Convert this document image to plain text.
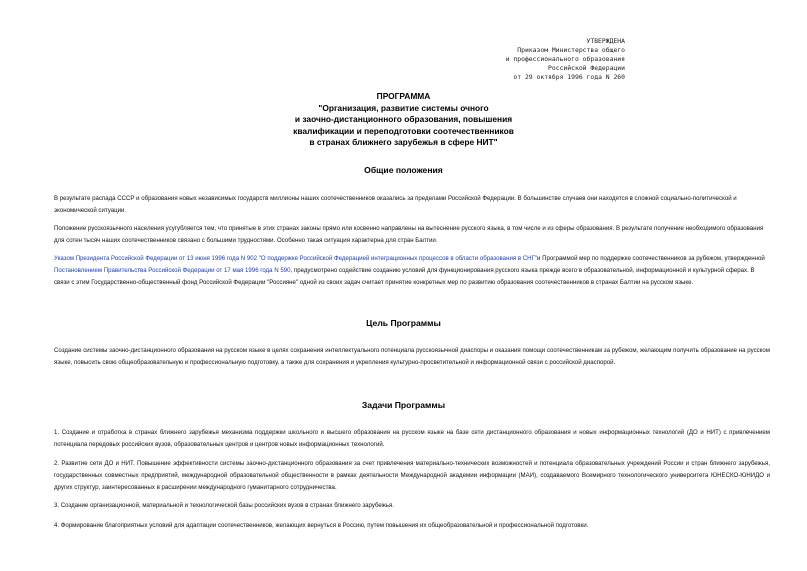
УТВЕРЖДЕНА
Приказом Министерства общего
и профессионального образования
Российской Федерации
от 29 октября 1996 года N 260
ПРОГРАММА
"Организация, развитие системы очного
и заочно-дистанционного образования, повышения
квалификации и переподготовки соотечественников
в странах ближнего зарубежья в сфере НИТ"
Общие положения
В результате распада СССР и образования новых независимых государств миллионы наших соотечественников оказались за пределами Российской Федерации. В большинстве случаев они находятся в сложной социально-политической и экономической ситуации.
Положение русскоязычного населения усугубляется тем, что принятые в этих странах законы прямо или косвенно направлены на вытеснение русского языка, в том числе и из сферы образования. В результате получение необходимого образования для сотен тысяч наших соотечественников связано с большими трудностями. Особенно такая ситуация характерна для стран Балтии.
Указом Президента Российской Федерации от 13 июня 1996 года N 902 "О поддержке Российской Федерацией интеграционных процессов в области образования в СНГ"и Программой мер по поддержке соотечественников за рубежом, утвержденной Постановлением Правительства Российской Федерации от 17 мая 1996 года N 590, предусмотрено содействие созданию условий для функционирования русского языка прежде всего в образовательной, информационной и культурной сферах. В связи с этим Государственно-общественный фонд Российской Федерации "Россияне" одной из своих задач считает принятие конкретных мер по развитию образования соотечественников в странах Балтии на русском языке.
Цель Программы
Создание системы заочно-дистанционного образования на русском языке в целях сохранения интеллектуального потенциала русскоязычной диаспоры и оказания помощи соотечественникам за рубежом, желающим получить образование на русском языке, повысить свою общеобразовательную и профессиональную подготовку, а также для сохранения и укрепления культурно-просветительной и информационной связи с российской диаспорой.
Задачи Программы
1. Создание и отработка в странах ближнего зарубежья механизма поддержки школьного и высшего образования на русском языке на базе сети дистанционного образования и новых информационных технологий (ДО и НИТ) с привлечением потенциала передовых российских вузов, образовательных центров и центров новых информационных технологий.
2. Развитие сети ДО и НИТ. Повышение эффективности системы заочно-дистанционного образования за счет привлечения материально-технических возможностей и потенциала образовательных учреждений России и стран ближнего зарубежья, государственных совместных предприятий, международной образовательной общественности в рамках деятельности Международной академии информации (МАИ), создаваемого Всемирного технологического университета ЮНЕСКО-ЮНИДО и других структур, заинтересованных в расширении международного гуманитарного сотрудничества.
3. Создание организационной, материальной и технологической базы российских вузов в странах ближнего зарубежья.
4. Формирование благоприятных условий для адаптации соотечественников, желающих вернуться в Россию, путем повышения их общеобразовательной и профессиональной подготовки.
